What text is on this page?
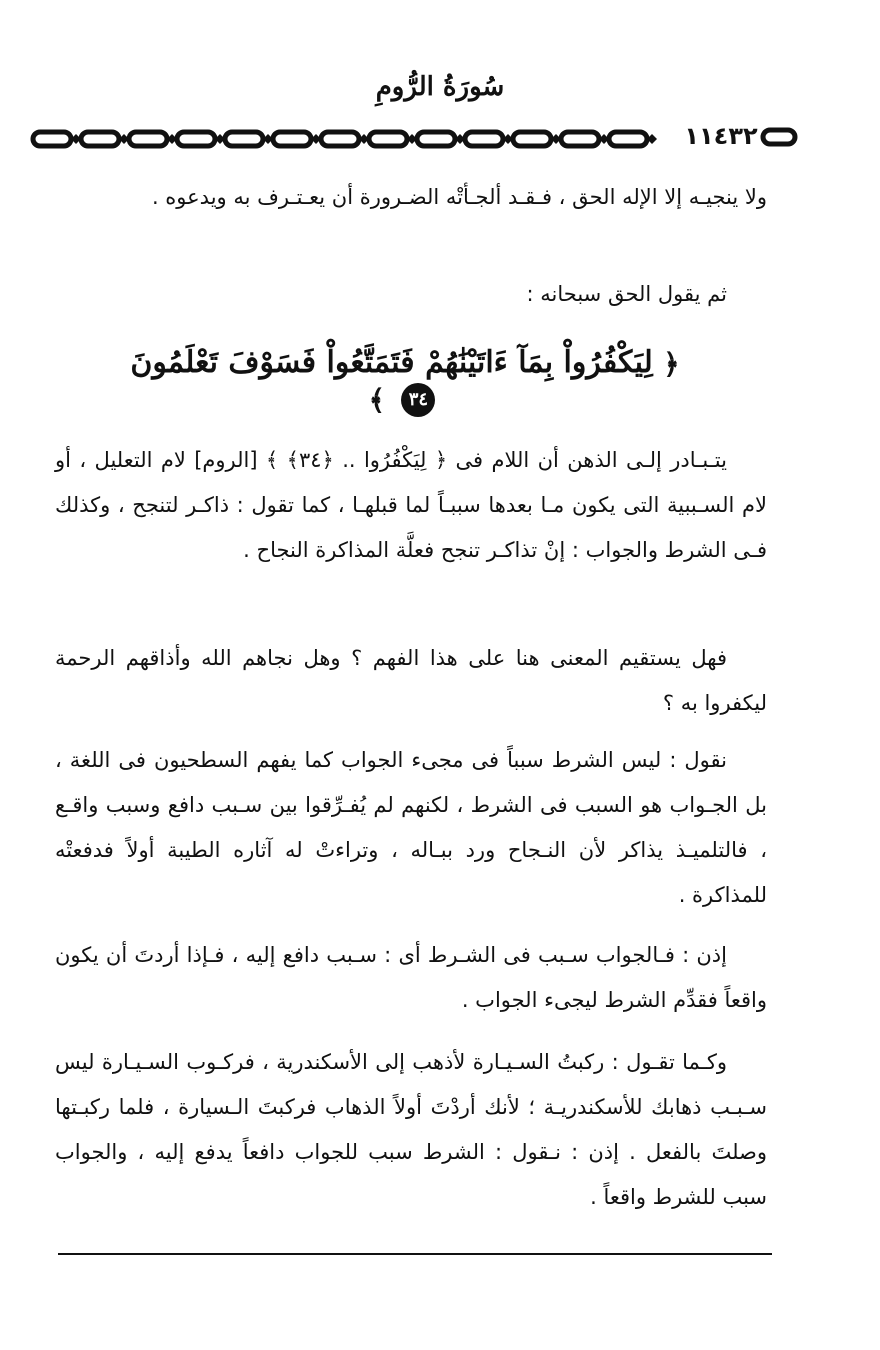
سُورَةُ الرُّومِ
١١٤٣٢

ولا ينجيـه إلا الإله الحق ، فـقـد ألجـأتْه الضـرورة أن يعـتـرف به ويدعوه .

ثم يقول الحق سبحانه :

﴿ لِيَكْفُرُواْ بِمَآ ءَاتَيْنَٰهُمْ فَتَمَتَّعُواْ فَسَوْفَ تَعْلَمُونَ ٣٤ ﴾

يتـبـادر إلـى الذهن أن اللام فى ﴿ لِيَكْفُرُوا .. ﴿٣٤﴾ ﴾ [الروم] لام التعليل ، أو لام السـببية التى يكون مـا بعدها سببـاً لما قبلهـا ، كما تقول : ذاكـر لتنجح ، وكذلك فـى الشرط والجواب : إنْ تذاكـر تنجح فعلَّة المذاكرة النجاح .

فهل يستقيم المعنى هنا على هذا الفهم ؟ وهل نجاهم الله وأذاقهم الرحمة ليكفروا به ؟

نقول : ليس الشرط سبباً فى مجىء الجواب كما يفهم السطحيون فى اللغة ، بل الجـواب هو السبب فى الشرط ، لكنهم لم يُفـرِّقوا بين سـبب دافع وسبب واقـع ، فالتلميـذ يذاكر لأن النـجاح ورد ببـاله ، وتراءتْ له آثاره الطيبة أولاً فدفعتْه للمذاكرة .

إذن : فـالجواب سـبب فى الشـرط أى : سـبب دافع إليه ، فـإذا أردتَ أن يكون واقعاً فقدِّم الشرط ليجىء الجواب .

وكـما تقـول : ركبتُ السـيـارة لأذهب إلى الأسكندرية ، فركـوب السـيـارة ليس سـبـب ذهابك للأسكندريـة ؛ لأنك أردْتَ أولاً الذهاب فركبتَ الـسيارة ، فلما ركبـتها وصلتَ بالفعل . إذن : نـقول : الشرط سبب للجواب دافعاً يدفع إليه ، والجواب سبب للشرط واقعاً .
